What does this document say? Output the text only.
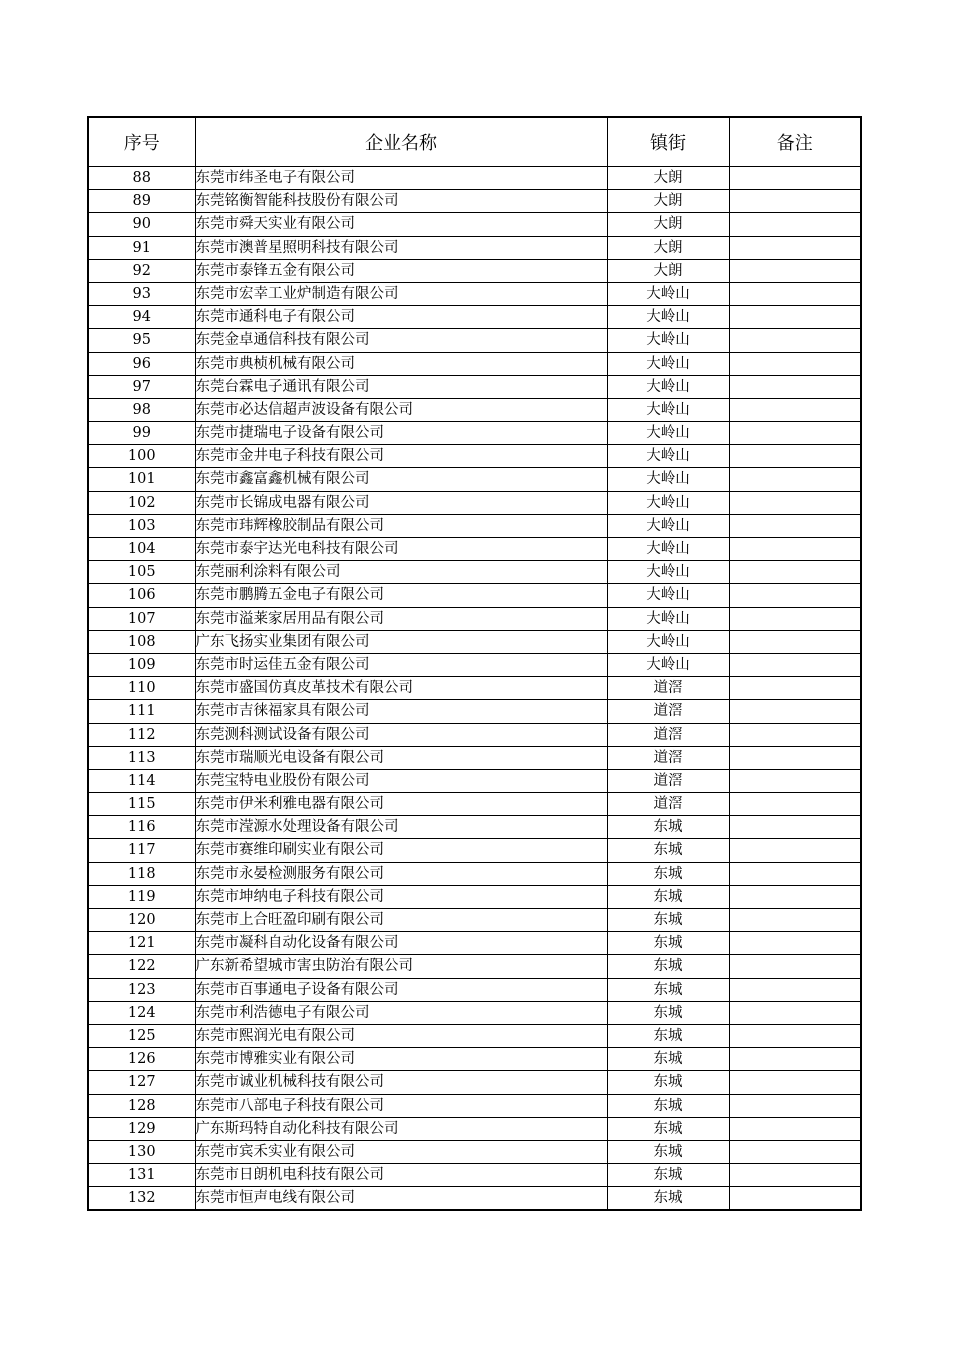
序号	企业名称	镇街	备注
88	东莞市纬圣电子有限公司	大朗	
89	东莞铭衡智能科技股份有限公司	大朗	
90	东莞市舜天实业有限公司	大朗	
91	东莞市澳普星照明科技有限公司	大朗	
92	东莞市泰锋五金有限公司	大朗	
93	东莞市宏幸工业炉制造有限公司	大岭山	
94	东莞市通科电子有限公司	大岭山	
95	东莞金卓通信科技有限公司	大岭山	
96	东莞市典桢机械有限公司	大岭山	
97	东莞台霖电子通讯有限公司	大岭山	
98	东莞市必达信超声波设备有限公司	大岭山	
99	东莞市捷瑞电子设备有限公司	大岭山	
100	东莞市金井电子科技有限公司	大岭山	
101	东莞市鑫富鑫机械有限公司	大岭山	
102	东莞市长锦成电器有限公司	大岭山	
103	东莞市玮辉橡胶制品有限公司	大岭山	
104	东莞市泰宇达光电科技有限公司	大岭山	
105	东莞丽利涂料有限公司	大岭山	
106	东莞市鹏腾五金电子有限公司	大岭山	
107	东莞市溢莱家居用品有限公司	大岭山	
108	广东飞扬实业集团有限公司	大岭山	
109	东莞市时运佳五金有限公司	大岭山	
110	东莞市盛国仿真皮革技术有限公司	道滘	
111	东莞市吉徕福家具有限公司	道滘	
112	东莞测科测试设备有限公司	道滘	
113	东莞市瑞顺光电设备有限公司	道滘	
114	东莞宝特电业股份有限公司	道滘	
115	东莞市伊米利雅电器有限公司	道滘	
116	东莞市滢源水处理设备有限公司	东城	
117	东莞市赛维印刷实业有限公司	东城	
118	东莞市永晏检测服务有限公司	东城	
119	东莞市坤纳电子科技有限公司	东城	
120	东莞市上合旺盈印刷有限公司	东城	
121	东莞市凝科自动化设备有限公司	东城	
122	广东新希望城市害虫防治有限公司	东城	
123	东莞市百事通电子设备有限公司	东城	
124	东莞市利浩德电子有限公司	东城	
125	东莞市熙润光电有限公司	东城	
126	东莞市博雅实业有限公司	东城	
127	东莞市诚业机械科技有限公司	东城	
128	东莞市八部电子科技有限公司	东城	
129	广东斯玛特自动化科技有限公司	东城	
130	东莞市宾禾实业有限公司	东城	
131	东莞市日朗机电科技有限公司	东城	
132	东莞市恒声电线有限公司	东城	
